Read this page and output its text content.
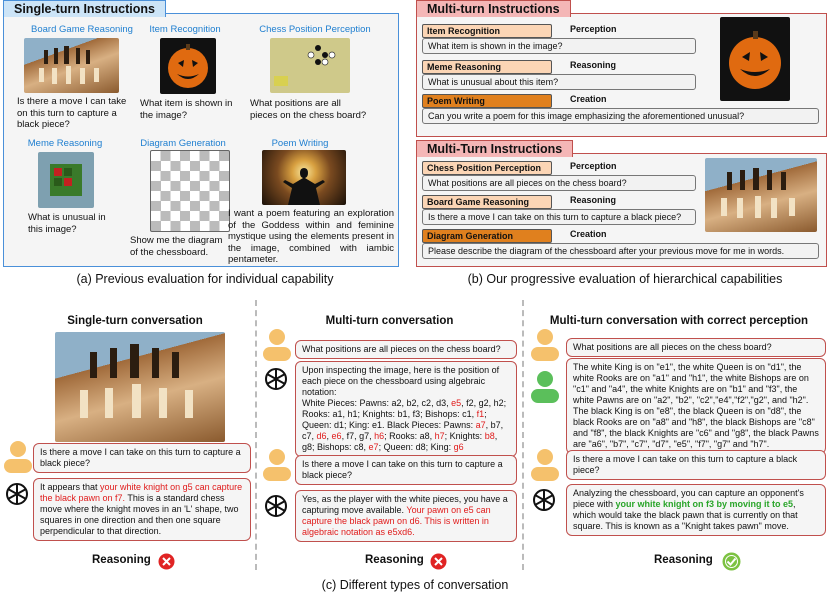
Single-turn Instructions
Board Game Reasoning
Is there a move I can take on this turn to capture a black piece?
Item Recognition
What item is shown in the image?
Chess Position Perception
What positions are all pieces on the chess board?
Meme Reasoning
What is unusual in this image?
Diagram Generation
Show me the diagram of the chessboard.
Poem Writing
I want a poem featuring an exploration of the Goddess within and feminine mystique using the elements present in the image, combined with iambic pentameter.
(a) Previous evaluation for individual capability
Multi-turn Instructions
Item Recognition	Perception
What item is shown in the image?
Meme Reasoning	Reasoning
What is unusual about this item?
Poem Writing	Creation
Can you write a poem for this image emphasizing the aforementioned unusual?
Multi-Turn Instructions
Chess Position Perception	Perception
What positions are all pieces on the chess board?
Board Game Reasoning	Reasoning
Is there a move I can take on this turn to capture a black piece?
Diagram Generation	Creation
Please describe the diagram of the chessboard after your previous move for me in words.
(b) Our progressive evaluation of hierarchical capabilities
Single-turn conversation
Is there a move I can take on this turn to capture a black piece?
It appears that your white knight on g5 can capture the black pawn on f7. This is a standard chess move where the knight moves in an 'L' shape, two squares in one direction and then one square perpendicular to that direction.
Reasoning
Multi-turn conversation
What positions are all pieces on the chess board?
Upon inspecting the image, here is the position of each piece on the chessboard using algebraic notation:
White Pieces: Pawns: a2, b2, c2, d3, e5, f2, g2, h2; Rooks: a1, h1; Knights: b1, f3; Bishops: c1, f1; Queen: d1; King: e1. Black Pieces: Pawns: a7, b7, c7, d6, e6, f7, g7, h6; Rooks: a8, h7; Knights: b8, g8; Bishops: c8, e7; Queen: d8; King: g6
Is there a move I can take on this turn to capture a black piece?
Yes, as the player with the white pieces, you have a capturing move available. Your pawn on e5 can capture the black pawn on d6. This is written in algebraic notation as e5xd6.
Reasoning
Multi-turn conversation with correct perception
What positions are all pieces on the chess board?
The white King is on "e1", the white Queen is on "d1", the white Rooks are on "a1" and "h1", the white Bishops are on "c1" and "a4", the white Knights are on "b1" and "f3", the white Pawns are on "a2", "b2", "c2","e4","f2","g2", and "h2". The black King is on "e8", the black Queen is on "d8", the black Rooks are on "a8" and "h8", the black Bishops are "c8" and "f8", the black Knights are "c6" and "g8", the black Pawns are "a6", "b7", "c7", "d7", "e5", "f7", "g7" and "h7".
Is there a move I can take on this turn to capture a black piece?
Analyzing the chessboard, you can capture an opponent's piece with your white knight on f3 by moving it to e5, which would take the black pawn that is currently on that square. This is known as a "Knight takes pawn" move.
Reasoning
(c) Different types of conversation
